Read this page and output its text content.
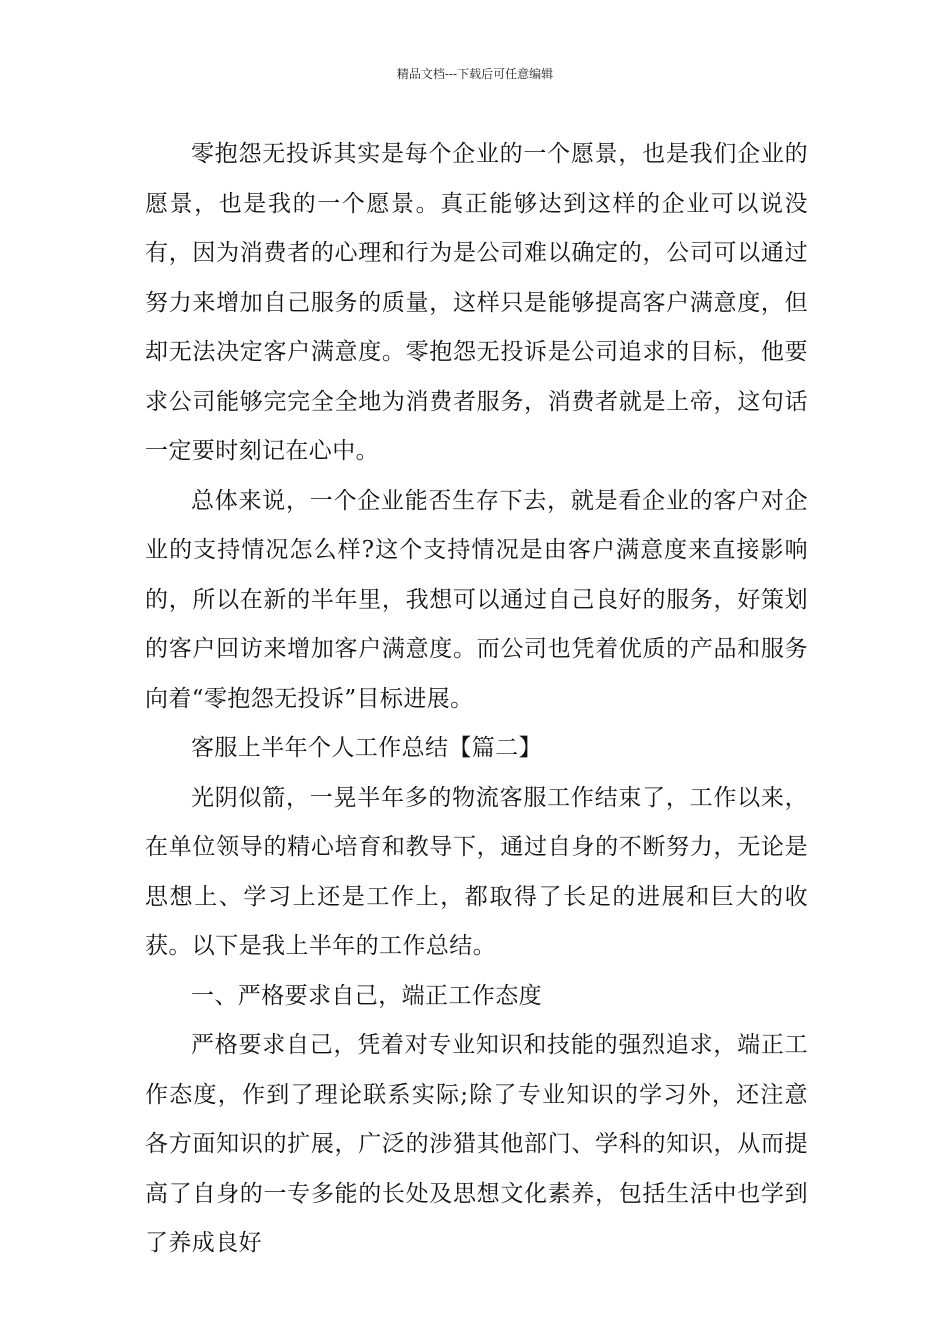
精品文档---下载后可任意编辑

零抱怨无投诉其实是每个企业的一个愿景，也是我们企业的愿景，也是我的一个愿景。真正能够达到这样的企业可以说没有，因为消费者的心理和行为是公司难以确定的，公司可以通过努力来增加自己服务的质量，这样只是能够提高客户满意度，但却无法决定客户满意度。零抱怨无投诉是公司追求的目标，他要求公司能够完完全全地为消费者服务，消费者就是上帝，这句话一定要时刻记在心中。

总体来说，一个企业能否生存下去，就是看企业的客户对企业的支持情况怎么样?这个支持情况是由客户满意度来直接影响的，所以在新的半年里，我想可以通过自己良好的服务，好策划的客户回访来增加客户满意度。而公司也凭着优质的产品和服务向着“零抱怨无投诉”目标进展。

客服上半年个人工作总结【篇二】

光阴似箭，一晃半年多的物流客服工作结束了，工作以来，在单位领导的精心培育和教导下，通过自身的不断努力，无论是思想上、学习上还是工作上，都取得了长足的进展和巨大的收获。以下是我上半年的工作总结。

一、严格要求自己，端正工作态度

严格要求自己，凭着对专业知识和技能的强烈追求，端正工作态度，作到了理论联系实际;除了专业知识的学习外，还注意各方面知识的扩展，广泛的涉猎其他部门、学科的知识，从而提高了自身的一专多能的长处及思想文化素养，包括生活中也学到了养成良好
